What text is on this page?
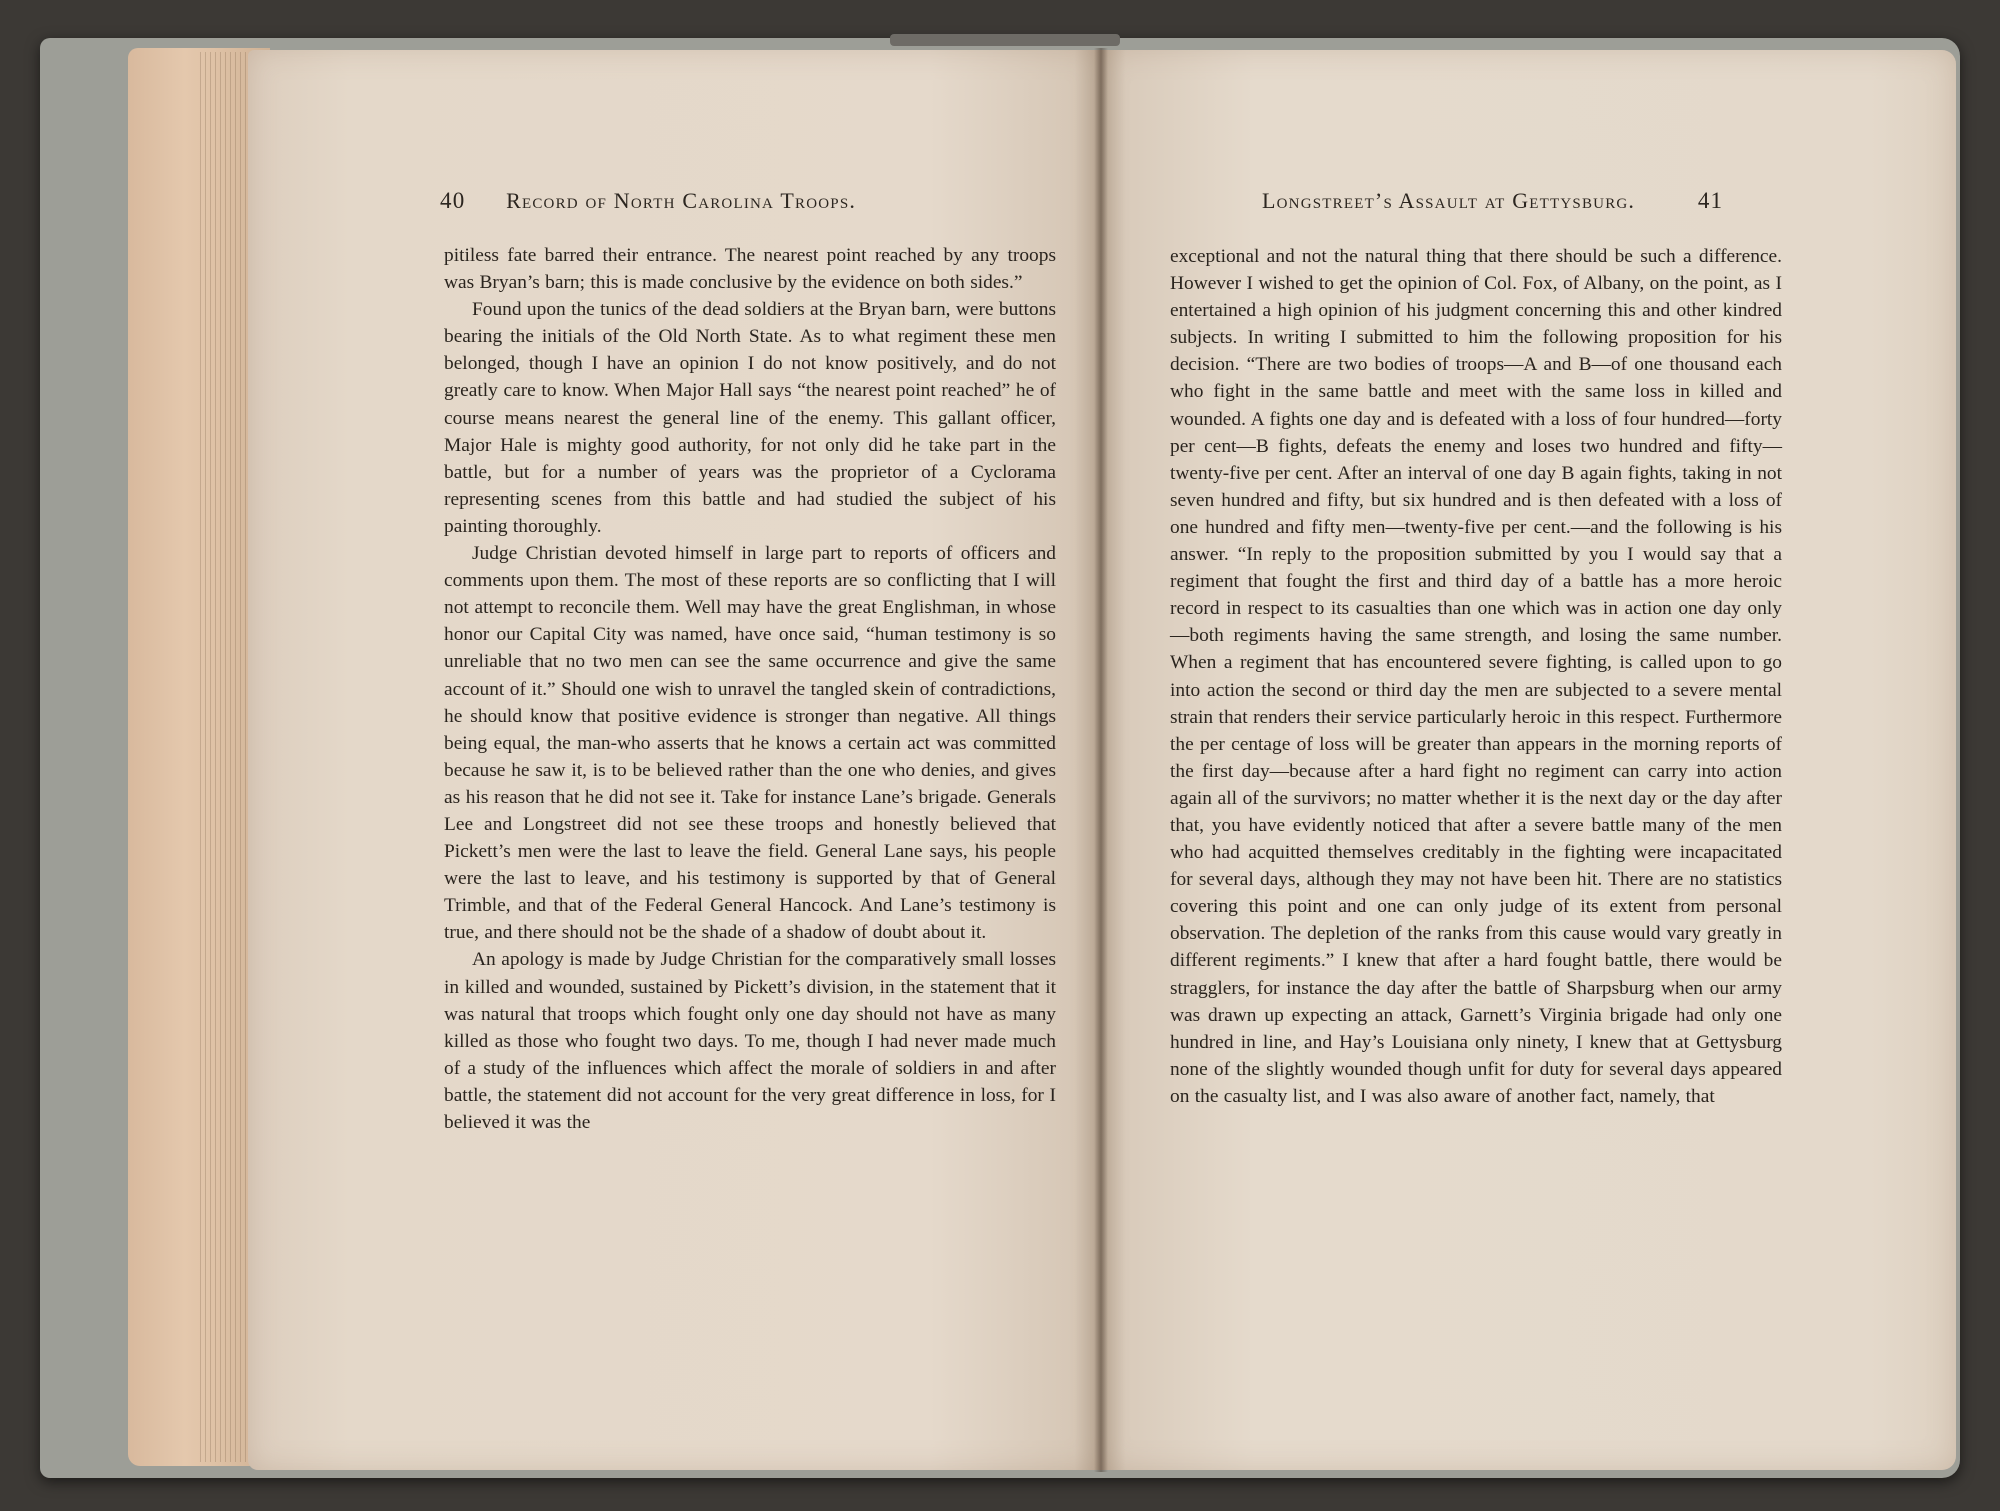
40 Record of North Carolina Troops.	Longstreet’s Assault at Gettysburg.	41

pitiless fate barred their entrance. The nearest point reached by any troops was Bryan’s barn; this is made conclusive by the evidence on both sides.”

Found upon the tunics of the dead soldiers at the Bryan barn, were buttons bearing the initials of the Old North State. As to what regiment these men belonged, though I have an opinion I do not know positively, and do not greatly care to know. When Major Hall says “the nearest point reached” he of course means nearest the general line of the enemy. This gallant officer, Major Hale is mighty good authority, for not only did he take part in the battle, but for a number of years was the proprietor of a Cyclorama representing scenes from this battle and had studied the subject of his painting thoroughly.

Judge Christian devoted himself in large part to reports of officers and comments upon them. The most of these reports are so conflicting that I will not attempt to reconcile them. Well may have the great Englishman, in whose honor our Capital City was named, have once said, “human testimony is so unreliable that no two men can see the same occurrence and give the same account of it.” Should one wish to unravel the tangled skein of contradictions, he should know that positive evidence is stronger than negative. All things being equal, the man-who asserts that he knows a certain act was committed because he saw it, is to be believed rather than the one who denies, and gives as his reason that he did not see it. Take for instance Lane’s brigade. Generals Lee and Longstreet did not see these troops and honestly believed that Pickett’s men were the last to leave the field. General Lane says, his people were the last to leave, and his testimony is supported by that of General Trimble, and that of the Federal General Hancock. And Lane’s testimony is true, and there should not be the shade of a shadow of doubt about it.

An apology is made by Judge Christian for the comparatively small losses in killed and wounded, sustained by Pickett’s division, in the statement that it was natural that troops which fought only one day should not have as many killed as those who fought two days. To me, though I had never made much of a study of the influences which affect the morale of soldiers in and after battle, the statement did not account for the very great difference in loss, for I believed it was the

exceptional and not the natural thing that there should be such a difference. However I wished to get the opinion of Col. Fox, of Albany, on the point, as I entertained a high opinion of his judgment concerning this and other kindred subjects. In writing I submitted to him the following proposition for his decision. “There are two bodies of troops—A and B—of one thousand each who fight in the same battle and meet with the same loss in killed and wounded. A fights one day and is defeated with a loss of four hundred—forty per cent—B fights, defeats the enemy and loses two hundred and fifty—twenty-five per cent. After an interval of one day B again fights, taking in not seven hundred and fifty, but six hundred and is then defeated with a loss of one hundred and fifty men—twenty-five per cent.—and the following is his answer. “In reply to the proposition submitted by you I would say that a regiment that fought the first and third day of a battle has a more heroic record in respect to its casualties than one which was in action one day only—both regiments having the same strength, and losing the same number. When a regiment that has encountered severe fighting, is called upon to go into action the second or third day the men are subjected to a severe mental strain that renders their service particularly heroic in this respect. Furthermore the per centage of loss will be greater than appears in the morning reports of the first day—because after a hard fight no regiment can carry into action again all of the survivors; no matter whether it is the next day or the day after that, you have evidently noticed that after a severe battle many of the men who had acquitted themselves creditably in the fighting were incapacitated for several days, although they may not have been hit. There are no statistics covering this point and one can only judge of its extent from personal observation. The depletion of the ranks from this cause would vary greatly in different regiments.” I knew that after a hard fought battle, there would be stragglers, for instance the day after the battle of Sharpsburg when our army was drawn up expecting an attack, Garnett’s Virginia brigade had only one hundred in line, and Hay’s Louisiana only ninety, I knew that at Gettysburg none of the slightly wounded though unfit for duty for several days appeared on the casualty list, and I was also aware of another fact, namely, that
